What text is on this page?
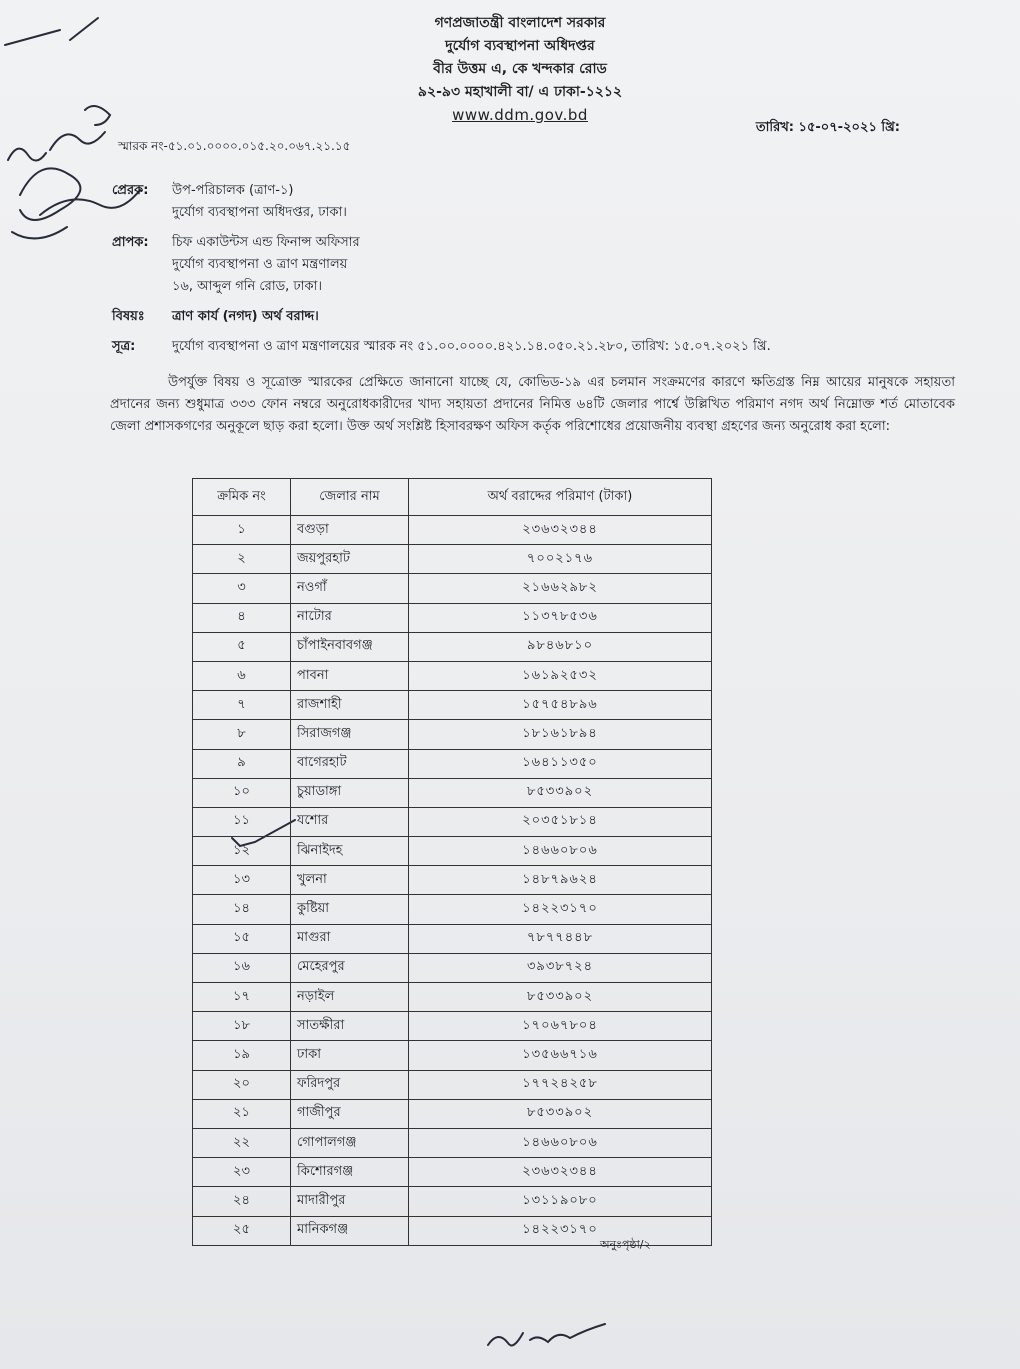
গণপ্রজাতন্ত্রী বাংলাদেশ সরকার
দুর্যোগ ব্যবস্থাপনা অধিদপ্তর
বীর উত্তম এ, কে খন্দকার রোড
৯২-৯৩ মহাখালী বা/ এ ঢাকা-১২১২
www.ddm.gov.bd
তারিখ: ১৫-০৭-২০২১ খ্রি:
স্মারক নং-৫১.০১.০০০০.০১৫.২০.০৬৭.২১.১৫
প্রেরক:	উপ-পরিচালক (ত্রাণ-১)
দুর্যোগ ব্যবস্থাপনা অধিদপ্তর, ঢাকা।
প্রাপক:	চিফ একাউন্টস এন্ড ফিনান্স অফিসার
দুর্যোগ ব্যবস্থাপনা ও ত্রাণ মন্ত্রণালয়
১৬, আব্দুল গনি রোড, ঢাকা।
বিষয়ঃ	ত্রাণ কার্য (নগদ) অর্থ বরাদ্দ।
সূত্র:	দুর্যোগ ব্যবস্থাপনা ও ত্রাণ মন্ত্রণালয়ের স্মারক নং ৫১.০০.০০০০.৪২১.১৪.০৫০.২১.২৮০, তারিখ: ১৫.০৭.২০২১ খ্রি.
উপর্যুক্ত বিষয় ও সূত্রোক্ত স্মারকের প্রেক্ষিতে জানানো যাচ্ছে যে, কোভিড-১৯ এর চলমান সংক্রমণের কারণে ক্ষতিগ্রস্ত নিম্ন আয়ের মানুষকে সহায়তা প্রদানের জন্য শুধুমাত্র ৩৩৩ ফোন নম্বরে অনুরোধকারীদের খাদ্য সহায়তা প্রদানের নিমিত্ত ৬৪টি জেলার পার্শ্বে উল্লিখিত পরিমাণ নগদ অর্থ নিম্নোক্ত শর্ত মোতাবেক জেলা প্রশাসকগণের অনুকূলে ছাড় করা হলো। উক্ত অর্থ সংশ্লিষ্ট হিসাবরক্ষণ অফিস কর্তৃক পরিশোধের প্রয়োজনীয় ব্যবস্থা গ্রহণের জন্য অনুরোধ করা হলো:
ক্রমিক নং	জেলার নাম	অর্থ বরাদ্দের পরিমাণ (টাকা)
১	বগুড়া	২৩৬৩২৩৪৪
২	জয়পুরহাট	৭০০২১৭৬
৩	নওগাঁ	২১৬৬২৯৮২
৪	নাটোর	১১৩৭৮৫৩৬
৫	চাঁপাইনবাবগঞ্জ	৯৮৪৬৮১০
৬	পাবনা	১৬১৯২৫৩২
৭	রাজশাহী	১৫৭৫৪৮৯৬
৮	সিরাজগঞ্জ	১৮১৬১৮৯৪
৯	বাগেরহাট	১৬৪১১৩৫০
১০	চুয়াডাঙ্গা	৮৫৩৩৯০২
১১	যশোর	২০৩৫১৮১৪
১২	ঝিনাইদহ	১৪৬৬০৮০৬
১৩	খুলনা	১৪৮৭৯৬২৪
১৪	কুষ্টিয়া	১৪২২৩১৭০
১৫	মাগুরা	৭৮৭৭৪৪৮
১৬	মেহেরপুর	৩৯৩৮৭২৪
১৭	নড়াইল	৮৫৩৩৯০২
১৮	সাতক্ষীরা	১৭০৬৭৮০৪
১৯	ঢাকা	১৩৫৬৬৭১৬
২০	ফরিদপুর	১৭৭২৪২৫৮
২১	গাজীপুর	৮৫৩৩৯০২
২২	গোপালগঞ্জ	১৪৬৬০৮০৬
২৩	কিশোরগঞ্জ	২৩৬৩২৩৪৪
২৪	মাদারীপুর	১৩১১৯০৮০
২৫	মানিকগঞ্জ	১৪২২৩১৭০
অনুঃপৃষ্ঠা/২
